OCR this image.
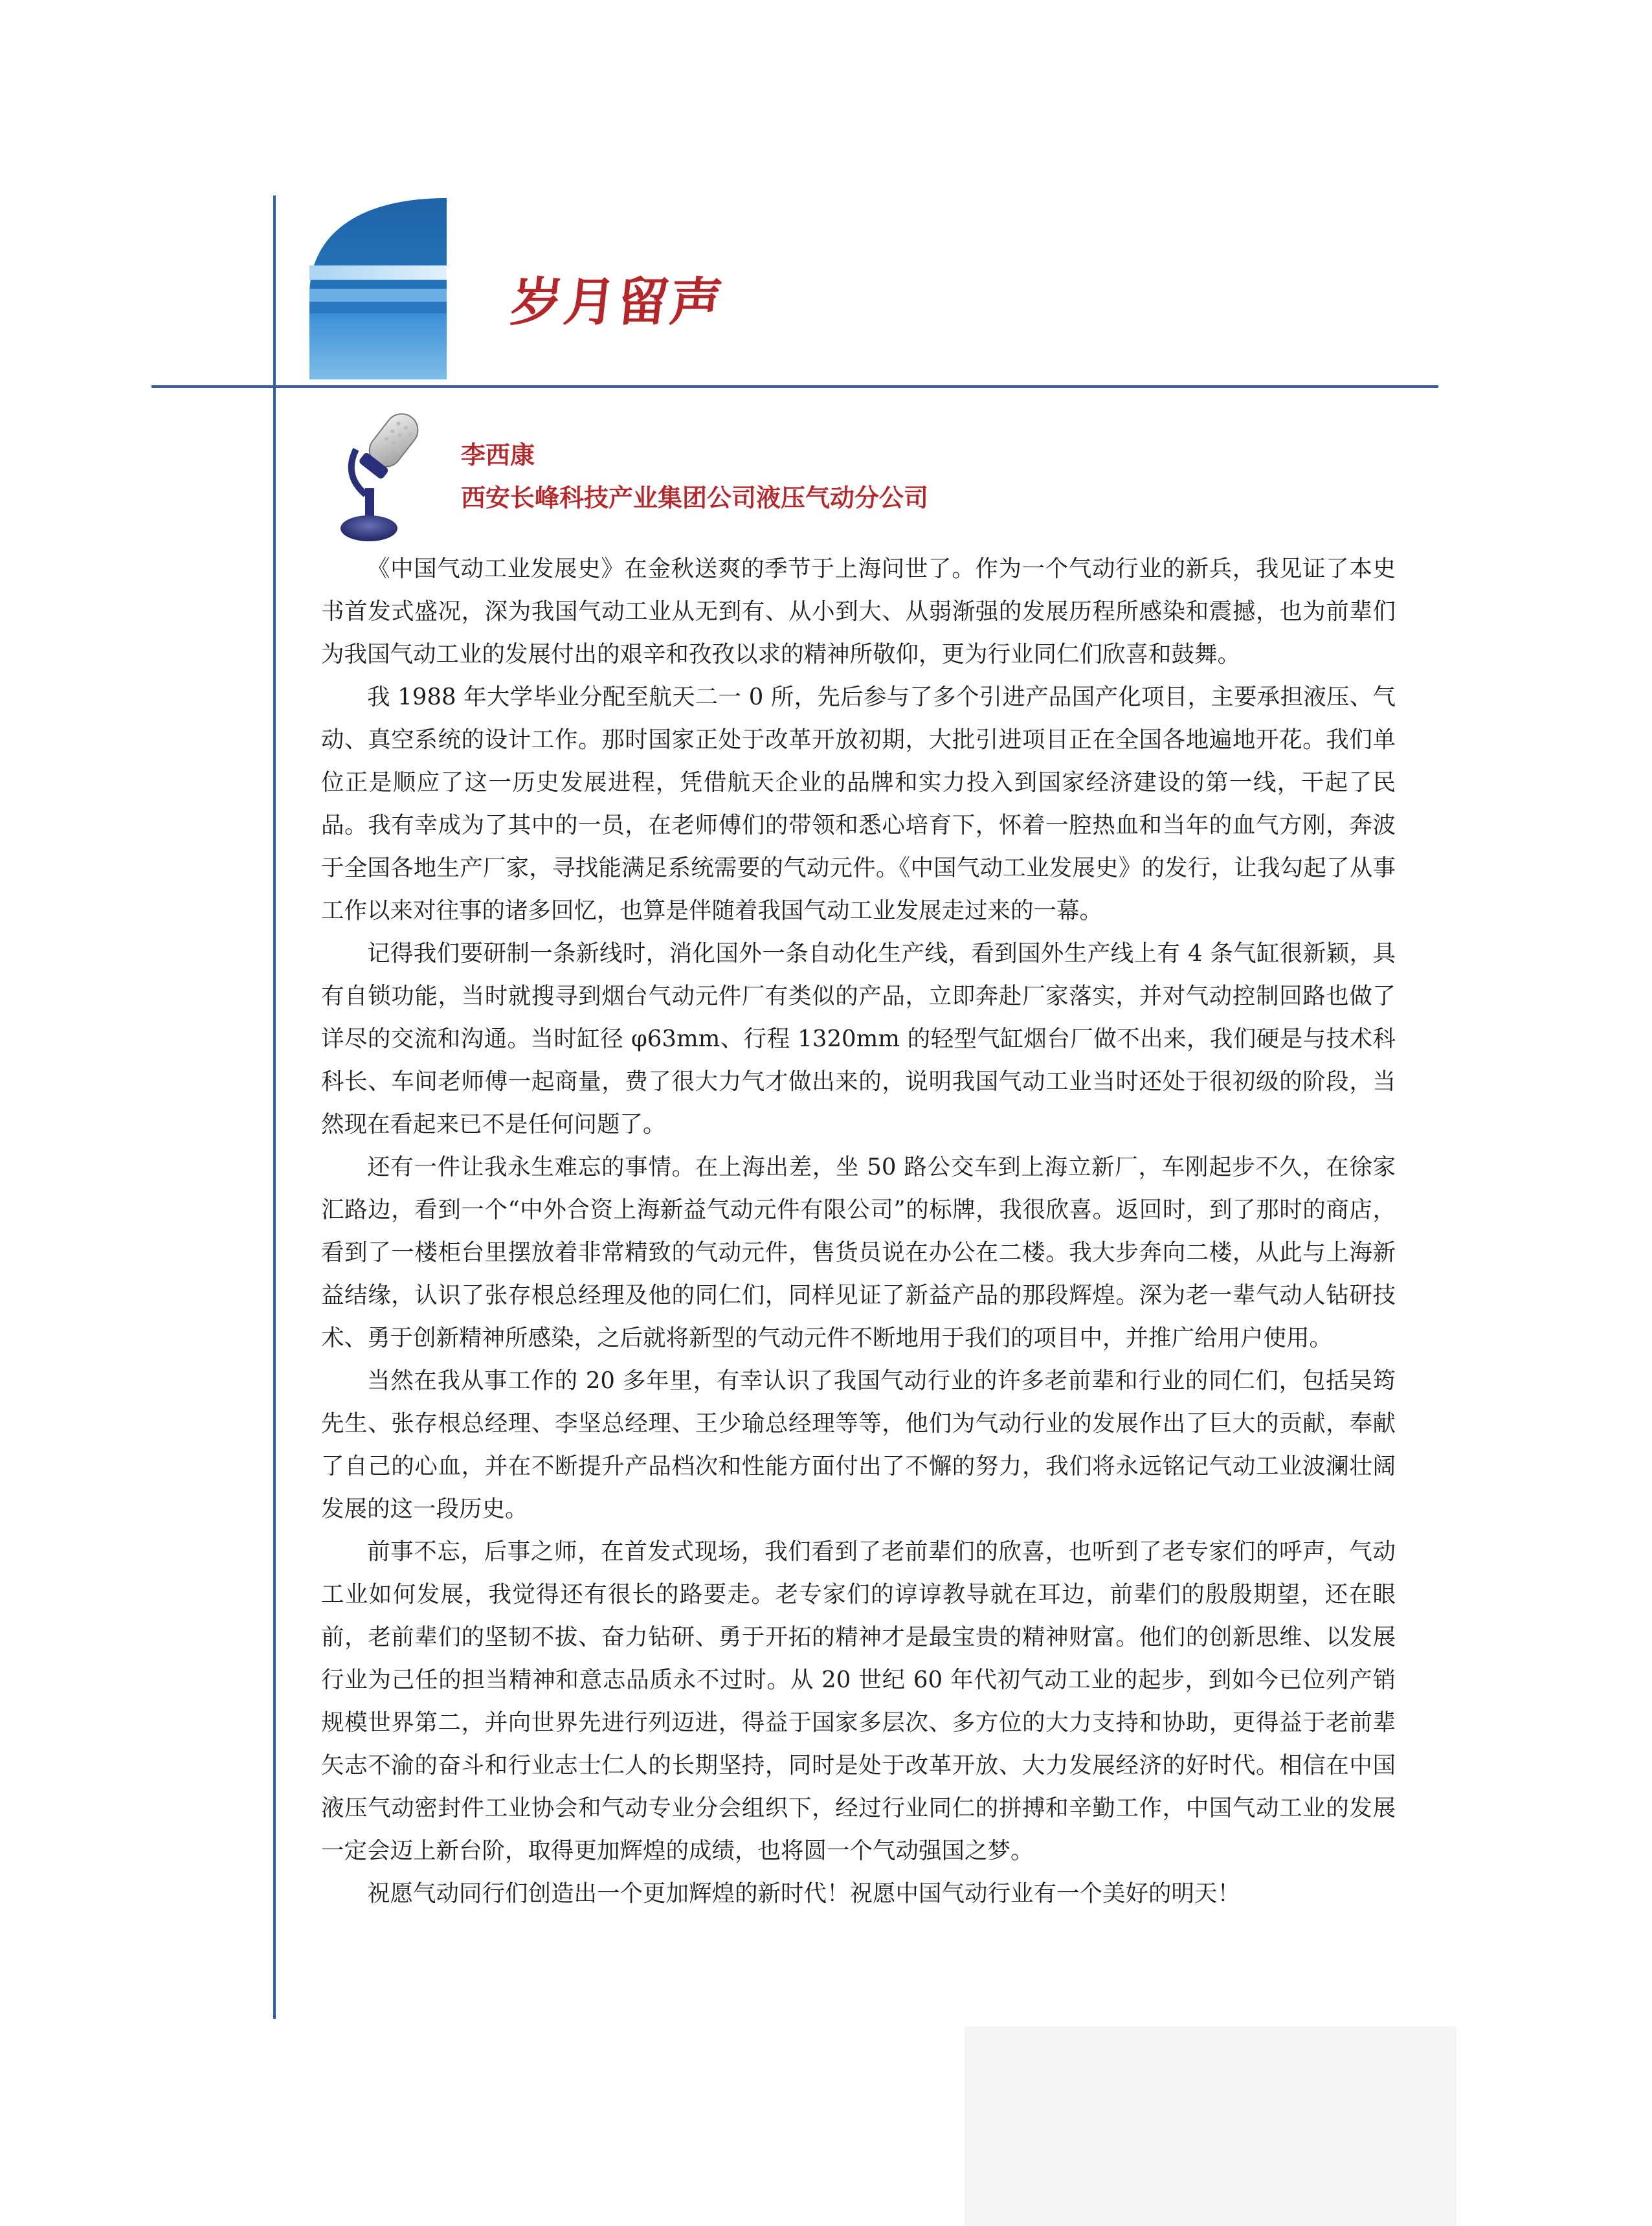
岁月留声
李西康
西安长峰科技产业集团公司液压气动分公司

《中国气动工业发展史》在金秋送爽的季节于上海问世了。作为一个气动行业的新兵，我见证了本史书首发式盛况，深为我国气动工业从无到有、从小到大、从弱渐强的发展历程所感染和震撼，也为前辈们为我国气动工业的发展付出的艰辛和孜孜以求的精神所敬仰，更为行业同仁们欣喜和鼓舞。

我 1988 年大学毕业分配至航天二一 0 所，先后参与了多个引进产品国产化项目，主要承担液压、气动、真空系统的设计工作。那时国家正处于改革开放初期，大批引进项目正在全国各地遍地开花。我们单位正是顺应了这一历史发展进程，凭借航天企业的品牌和实力投入到国家经济建设的第一线，干起了民品。我有幸成为了其中的一员，在老师傅们的带领和悉心培育下，怀着一腔热血和当年的血气方刚，奔波于全国各地生产厂家，寻找能满足系统需要的气动元件。《中国气动工业发展史》的发行，让我勾起了从事工作以来对往事的诸多回忆，也算是伴随着我国气动工业发展走过来的一幕。

记得我们要研制一条新线时，消化国外一条自动化生产线，看到国外生产线上有 4 条气缸很新颖，具有自锁功能，当时就搜寻到烟台气动元件厂有类似的产品，立即奔赴厂家落实，并对气动控制回路也做了详尽的交流和沟通。当时缸径 φ63mm、行程 1320mm 的轻型气缸烟台厂做不出来，我们硬是与技术科科长、车间老师傅一起商量，费了很大力气才做出来的，说明我国气动工业当时还处于很初级的阶段，当然现在看起来已不是任何问题了。

还有一件让我永生难忘的事情。在上海出差，坐 50 路公交车到上海立新厂，车刚起步不久，在徐家汇路边，看到一个“中外合资上海新益气动元件有限公司”的标牌，我很欣喜。返回时，到了那时的商店，看到了一楼柜台里摆放着非常精致的气动元件，售货员说在办公在二楼。我大步奔向二楼，从此与上海新益结缘，认识了张存根总经理及他的同仁们，同样见证了新益产品的那段辉煌。深为老一辈气动人钻研技术、勇于创新精神所感染，之后就将新型的气动元件不断地用于我们的项目中，并推广给用户使用。

当然在我从事工作的 20 多年里，有幸认识了我国气动行业的许多老前辈和行业的同仁们，包括吴筠先生、张存根总经理、李坚总经理、王少瑜总经理等等，他们为气动行业的发展作出了巨大的贡献，奉献了自己的心血，并在不断提升产品档次和性能方面付出了不懈的努力，我们将永远铭记气动工业波澜壮阔发展的这一段历史。

前事不忘，后事之师，在首发式现场，我们看到了老前辈们的欣喜，也听到了老专家们的呼声，气动工业如何发展，我觉得还有很长的路要走。老专家们的谆谆教导就在耳边，前辈们的殷殷期望，还在眼前，老前辈们的坚韧不拔、奋力钻研、勇于开拓的精神才是最宝贵的精神财富。他们的创新思维、以发展行业为己任的担当精神和意志品质永不过时。从 20 世纪 60 年代初气动工业的起步，到如今已位列产销规模世界第二，并向世界先进行列迈进，得益于国家多层次、多方位的大力支持和协助，更得益于老前辈矢志不渝的奋斗和行业志士仁人的长期坚持，同时是处于改革开放、大力发展经济的好时代。相信在中国液压气动密封件工业协会和气动专业分会组织下，经过行业同仁的拼搏和辛勤工作，中国气动工业的发展一定会迈上新台阶，取得更加辉煌的成绩，也将圆一个气动强国之梦。

祝愿气动同行们创造出一个更加辉煌的新时代！祝愿中国气动行业有一个美好的明天！
